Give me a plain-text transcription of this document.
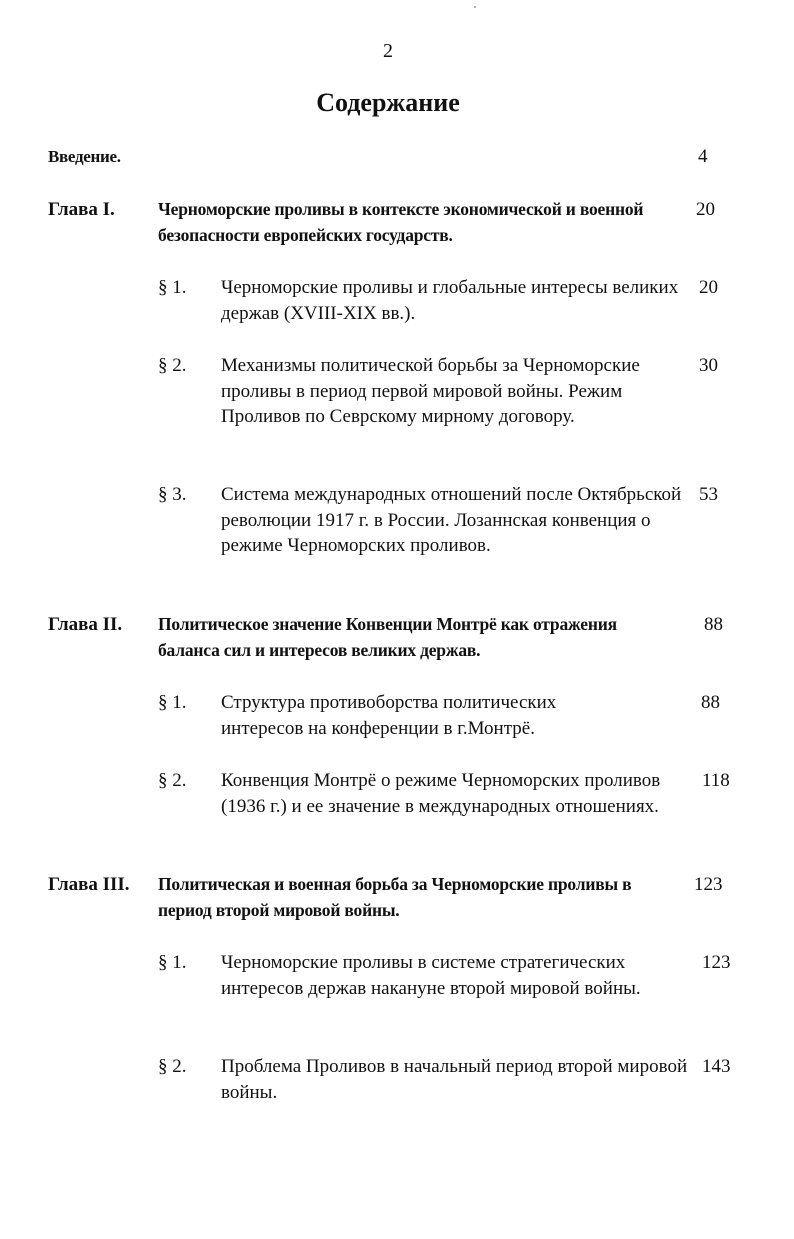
2
Содержание
Введение.	4
Глава I. Черноморские проливы в контексте экономической и военной безопасности европейских государств.
20
§ 1. Черноморские проливы и глобальные интересы великих держав (XVIII-XIX вв.).
20
§ 2. Механизмы политической борьбы за Черноморские проливы в период первой мировой войны. Режим Проливов по Севрскому мирному договору.
30
§ 3. Система международных отношений после Октябрьской революции 1917 г. в России. Лозаннская конвенция о режиме Черноморских проливов.
53
Глава II. Политическое значение Конвенции Монтрё как отражения баланса сил и интересов великих держав.
88
§ 1. Структура противоборства политических интересов на конференции в г.Монтрё.
88
§ 2. Конвенция Монтрё о режиме Черноморских проливов (1936 г.) и ее значение в международных отношениях.
118
Глава III. Политическая и военная борьба за Черноморские проливы в период второй мировой войны.
123
§ 1. Черноморские проливы в системе стратегических интересов держав накануне второй мировой войны.
123
§ 2. Проблема Проливов в начальный период второй мировой войны.
143
